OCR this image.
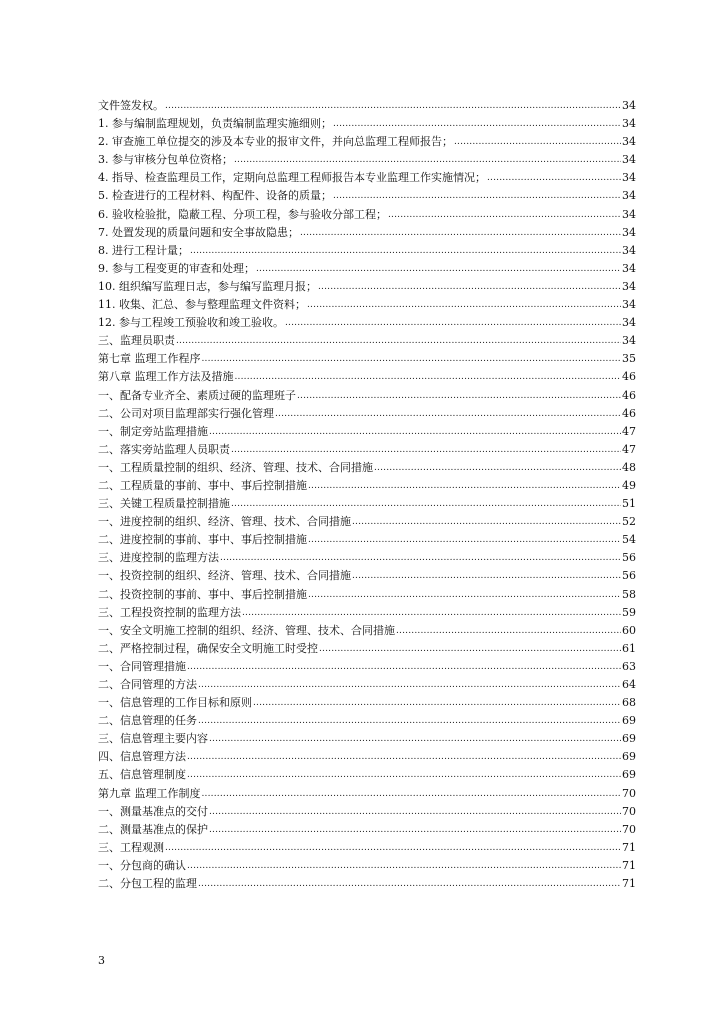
文件签发权。 .....	34
1. 参与编制监理规划，负责编制监理实施细则； .....	34
2. 审查施工单位提交的涉及本专业的报审文件，并向总监理工程师报告； .....	34
3. 参与审核分包单位资格； .....	34
4. 指导、检查监理员工作，定期向总监理工程师报告本专业监理工作实施情况； .....	34
5. 检查进行的工程材料、构配件、设备的质量； .....	34
6. 验收检验批，隐蔽工程、分项工程，参与验收分部工程； .....	34
7. 处置发现的质量问题和安全事故隐患； .....	34
8. 进行工程计量； .....	34
9. 参与工程变更的审查和处理； .....	34
10. 组织编写监理日志，参与编写监理月报； .....	34
11. 收集、汇总、参与整理监理文件资料； .....	34
12. 参与工程竣工预验收和竣工验收。 .....	34
三、监理员职责 .....	34
第七章 监理工作程序 .....	35
第八章 监理工作方法及措施 .....	46
一、配备专业齐全、素质过硬的监理班子 .....	46
二、公司对项目监理部实行强化管理 .....	46
一、制定旁站监理措施 .....	47
二、落实旁站监理人员职责 .....	47
一、工程质量控制的组织、经济、管理、技术、合同措施 .....	48
二、工程质量的事前、事中、事后控制措施 .....	49
三、关键工程质量控制措施 .....	51
一、进度控制的组织、经济、管理、技术、合同措施 .....	52
二、进度控制的事前、事中、事后控制措施 .....	54
三、进度控制的监理方法 .....	56
一、投资控制的组织、经济、管理、技术、合同措施 .....	56
二、投资控制的事前、事中、事后控制措施 .....	58
三、工程投资控制的监理方法 .....	59
一、安全文明施工控制的组织、经济、管理、技术、合同措施 .....	60
二、严格控制过程，确保安全文明施工时受控 .....	61
一、合同管理措施 .....	63
二、合同管理的方法 .....	64
一、信息管理的工作目标和原则 .....	68
二、信息管理的任务 .....	69
三、信息管理主要内容 .....	69
四、信息管理方法 .....	69
五、信息管理制度 .....	69
第九章 监理工作制度 .....	70
一、测量基准点的交付 .....	70
二、测量基准点的保护 .....	70
三、工程观测 .....	71
一、分包商的确认 .....	71
二、分包工程的监理 .....	71
3
